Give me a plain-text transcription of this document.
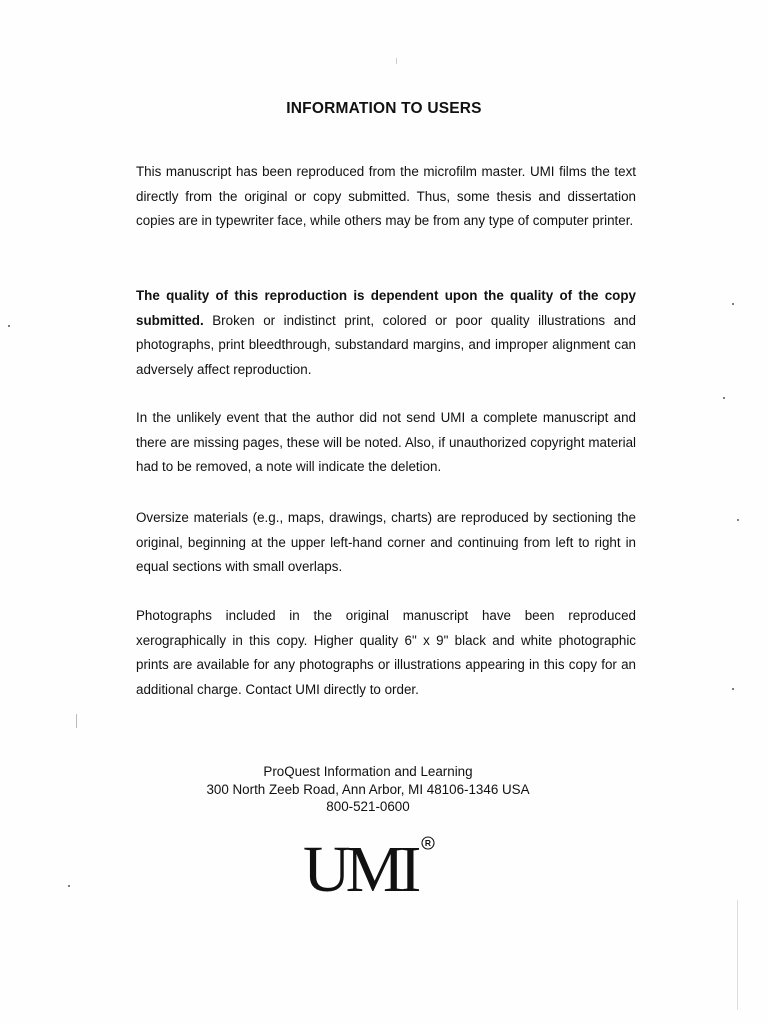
INFORMATION TO USERS

This manuscript has been reproduced from the microfilm master. UMI films the text directly from the original or copy submitted. Thus, some thesis and dissertation copies are in typewriter face, while others may be from any type of computer printer.

The quality of this reproduction is dependent upon the quality of the copy submitted. Broken or indistinct print, colored or poor quality illustrations and photographs, print bleedthrough, substandard margins, and improper alignment can adversely affect reproduction.

In the unlikely event that the author did not send UMI a complete manuscript and there are missing pages, these will be noted. Also, if unauthorized copyright material had to be removed, a note will indicate the deletion.

Oversize materials (e.g., maps, drawings, charts) are reproduced by sectioning the original, beginning at the upper left-hand corner and continuing from left to right in equal sections with small overlaps.

Photographs included in the original manuscript have been reproduced xerographically in this copy. Higher quality 6" x 9" black and white photographic prints are available for any photographs or illustrations appearing in this copy for an additional charge. Contact UMI directly to order.

ProQuest Information and Learning
300 North Zeeb Road, Ann Arbor, MI 48106-1346 USA
800-521-0600
UMI R
